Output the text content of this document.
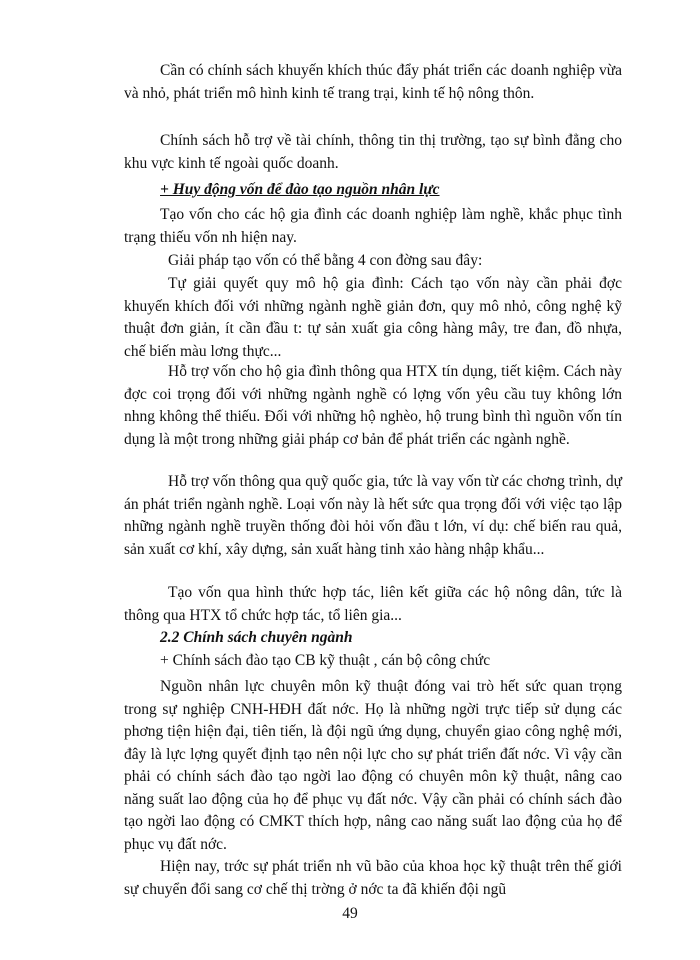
Cần có chính sách khuyến khích thúc đẩy phát triển các doanh nghiệp vừa và nhỏ, phát triển mô hình kinh tế trang trại, kinh tế hộ nông thôn.

Chính sách hỗ trợ về tài chính, thông tin thị trường, tạo sự bình đẳng cho khu vực kinh tế ngoài quốc doanh.

+ Huy động vốn để đào tạo nguồn nhân lực

Tạo vốn cho các hộ gia đình các doanh nghiệp làm nghề, khắc phục tình trạng thiếu vốn nh hiện nay.

Giải pháp tạo vốn có thể bằng 4 con đờng sau đây:

Tự giải quyết quy mô hộ gia đình: Cách tạo vốn này cần phải đợc khuyến khích đối với những ngành nghề giản đơn, quy mô nhỏ, công nghệ kỹ thuật đơn giản, ít cần đầu t: tự sản xuất gia công hàng mây, tre đan, đồ nhựa, chế biến màu lơng thực...

Hỗ trợ vốn cho hộ gia đình thông qua HTX tín dụng, tiết kiệm. Cách này đợc coi trọng đối với những ngành nghề có lợng vốn yêu cầu tuy không lớn nhng không thể thiếu. Đối với những hộ nghèo, hộ trung bình thì nguồn vốn tín dụng là một trong những giải pháp cơ bản để phát triển các ngành nghề.

Hỗ trợ vốn thông qua quỹ quốc gia, tức là vay vốn từ các chơng trình, dự án phát triển ngành nghề. Loại vốn này là hết sức qua trọng đối với việc tạo lập những ngành nghề truyền thống đòi hỏi vốn đầu t lớn, ví dụ: chế biến rau quả, sản xuất cơ khí, xây dựng, sản xuất hàng tinh xảo hàng nhập khẩu...

Tạo vốn qua hình thức hợp tác, liên kết giữa các hộ nông dân, tức là thông qua HTX tổ chức hợp tác, tổ liên gia...

2.2 Chính sách chuyên ngành

+ Chính sách đào tạo CB kỹ thuật , cán bộ công chức

Nguồn nhân lực chuyên môn kỹ thuật đóng vai trò hết sức quan trọng trong sự nghiệp CNH-HĐH đất nớc. Họ là những ngời trực tiếp sử dụng các phơng tiện hiện đại, tiên tiến, là đội ngũ ứng dụng, chuyển giao công nghệ mới, đây là lực lợng quyết định tạo nên nội lực cho sự phát triển đất nớc. Vì vậy cần phải có chính sách đào tạo ngời lao động có chuyên môn kỹ thuật, nâng cao năng suất lao động của họ để phục vụ đất nớc. Vậy cần phải có chính sách đào tạo ngời lao động có CMKT thích hợp, nâng cao năng suất lao động của họ để phục vụ đất nớc.

Hiện nay, trớc sự phát triển nh vũ bão của khoa học kỹ thuật trên thế giới sự chuyển đổi sang cơ chế thị trờng ở nớc ta đã khiến đội ngũ

49
